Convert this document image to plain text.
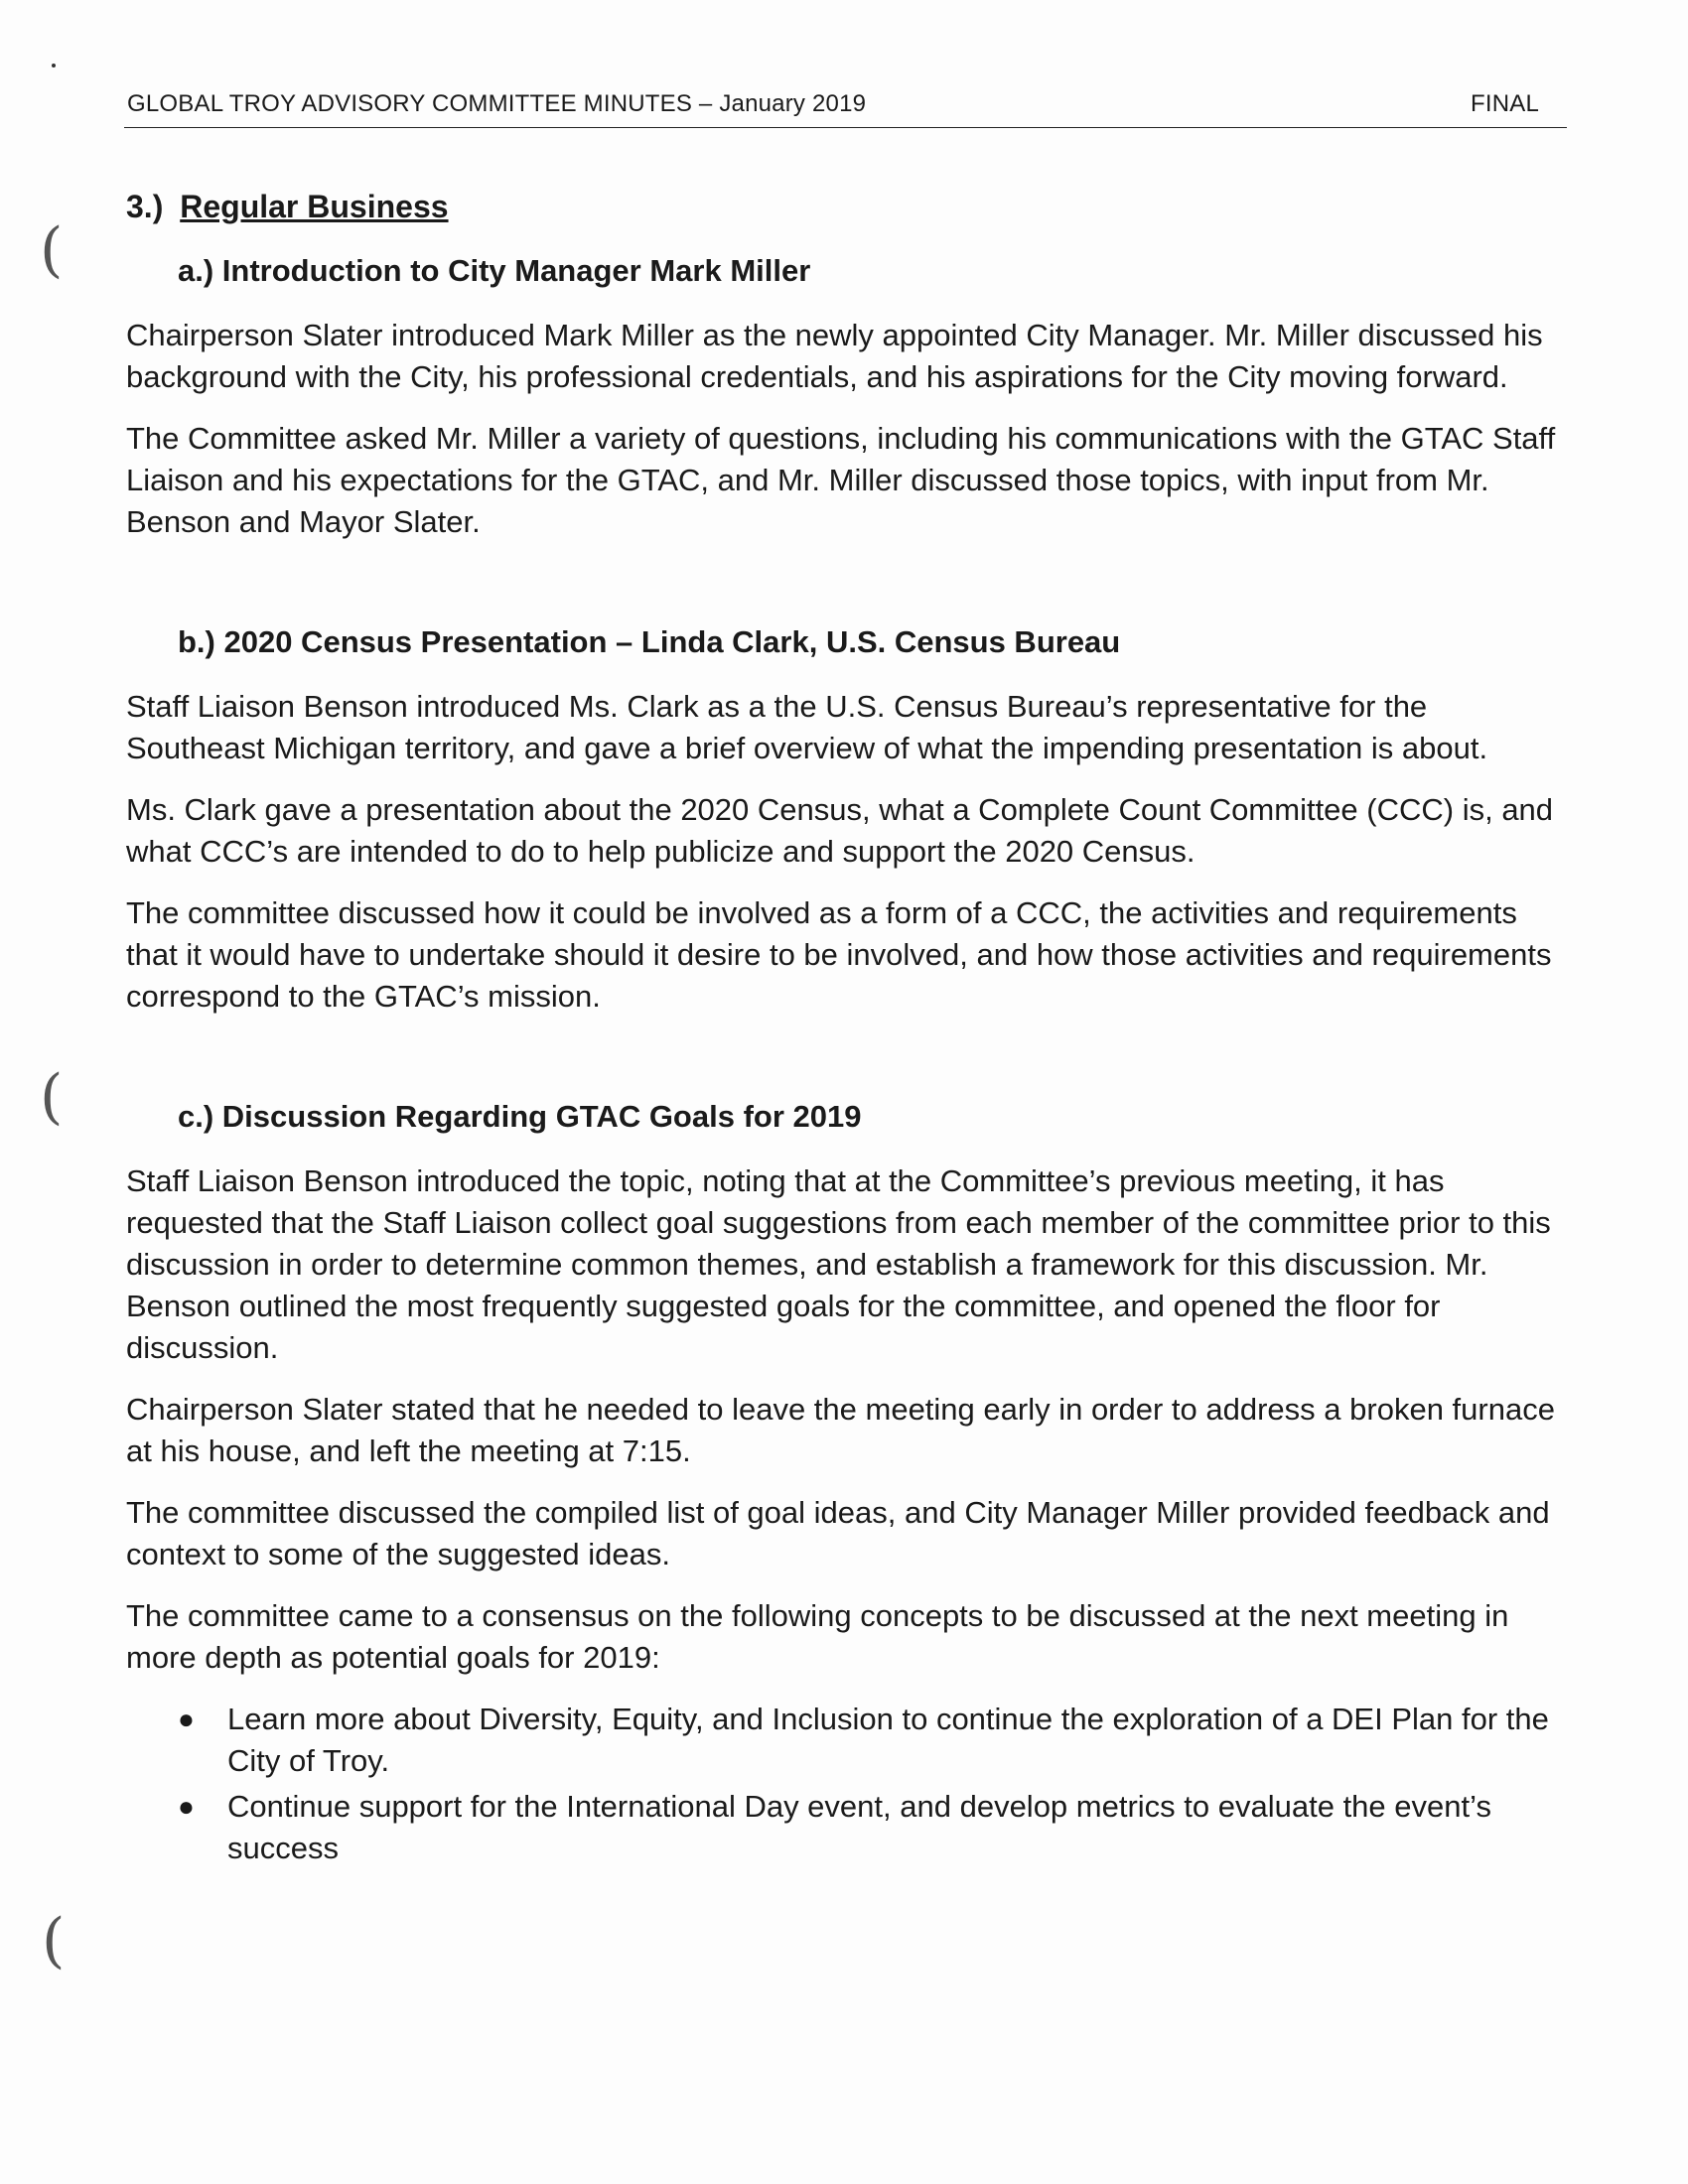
(
(
(
GLOBAL TROY ADVISORY COMMITTEE MINUTES – January 2019	FINAL
3.) Regular Business
a.) Introduction to City Manager Mark Miller

Chairperson Slater introduced Mark Miller as the newly appointed City Manager. Mr. Miller discussed his background with the City, his professional credentials, and his aspirations for the City moving forward.

The Committee asked Mr. Miller a variety of questions, including his communications with the GTAC Staff Liaison and his expectations for the GTAC, and Mr. Miller discussed those topics, with input from Mr. Benson and Mayor Slater.

b.) 2020 Census Presentation – Linda Clark, U.S. Census Bureau

Staff Liaison Benson introduced Ms. Clark as a the U.S. Census Bureau’s representative for the Southeast Michigan territory, and gave a brief overview of what the impending presentation is about.

Ms. Clark gave a presentation about the 2020 Census, what a Complete Count Committee (CCC) is, and what CCC’s are intended to do to help publicize and support the 2020 Census.

The committee discussed how it could be involved as a form of a CCC, the activities and requirements that it would have to undertake should it desire to be involved, and how those activities and requirements correspond to the GTAC’s mission.

c.) Discussion Regarding GTAC Goals for 2019

Staff Liaison Benson introduced the topic, noting that at the Committee’s previous meeting, it has requested that the Staff Liaison collect goal suggestions from each member of the committee prior to this discussion in order to determine common themes, and establish a framework for this discussion. Mr. Benson outlined the most frequently suggested goals for the committee, and opened the floor for discussion.

Chairperson Slater stated that he needed to leave the meeting early in order to address a broken furnace at his house, and left the meeting at 7:15.

The committee discussed the compiled list of goal ideas, and City Manager Miller provided feedback and context to some of the suggested ideas.

The committee came to a consensus on the following concepts to be discussed at the next meeting in more depth as potential goals for 2019:

●	Learn more about Diversity, Equity, and Inclusion to continue the exploration of a DEI Plan for the City of Troy.
●	Continue support for the International Day event, and develop metrics to evaluate the event’s success
